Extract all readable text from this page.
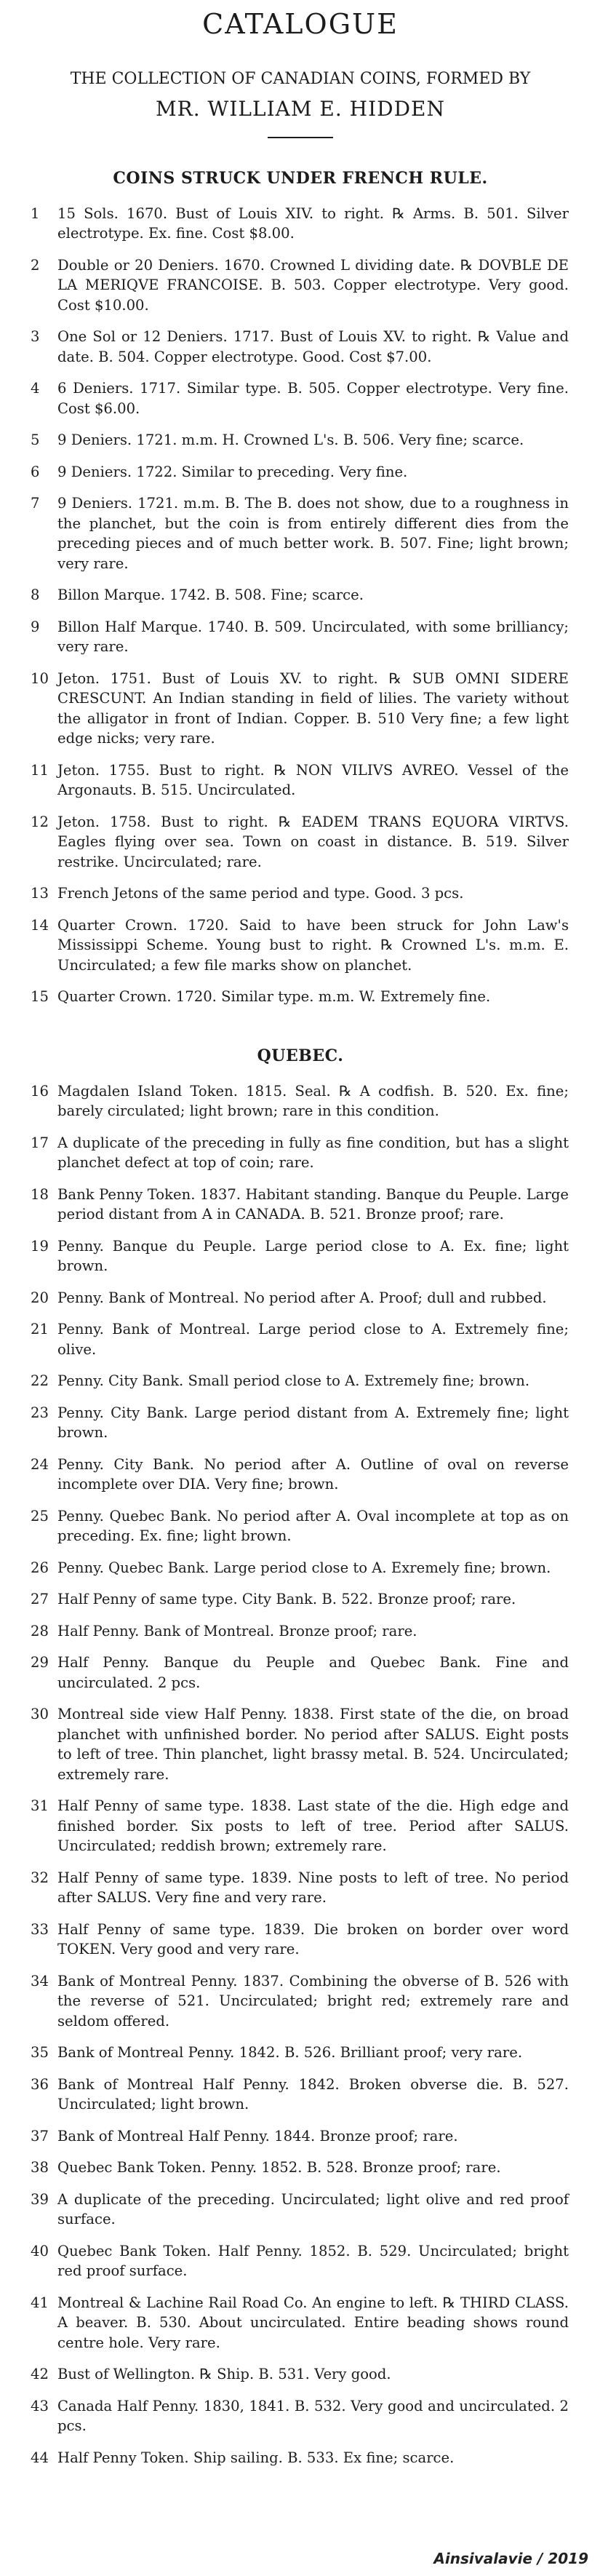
CATALOGUE
THE COLLECTION OF CANADIAN COINS, FORMED BY
MR. WILLIAM E. HIDDEN
COINS STRUCK UNDER FRENCH RULE.
1	15 Sols. 1670. Bust of Louis XIV. to right. ℞ Arms. B. 501. Silver electrotype. Ex. fine. Cost $8.00.
2	Double or 20 Deniers. 1670. Crowned L dividing date. ℞ DOVBLE DE LA MERIQVE FRANCOISE. B. 503. Copper electrotype. Very good. Cost $10.00.
3	One Sol or 12 Deniers. 1717. Bust of Louis XV. to right. ℞ Value and date. B. 504. Copper electrotype. Good. Cost $7.00.
4	6 Deniers. 1717. Similar type. B. 505. Copper electrotype. Very fine. Cost $6.00.
5	9 Deniers. 1721. m.m. H. Crowned L's. B. 506. Very fine; scarce.
6	9 Deniers. 1722. Similar to preceding. Very fine.
7	9 Deniers. 1721. m.m. B. The B. does not show, due to a roughness in the planchet, but the coin is from entirely different dies from the preceding pieces and of much better work. B. 507. Fine; light brown; very rare.
8	Billon Marque. 1742. B. 508. Fine; scarce.
9	Billon Half Marque. 1740. B. 509. Uncirculated, with some brilliancy; very rare.
10 Jeton. 1751. Bust of Louis XV. to right. ℞ SUB OMNI SIDERE CRESCUNT. An Indian standing in field of lilies. The variety without the alligator in front of Indian. Copper. B. 510 Very fine; a few light edge nicks; very rare.
11 Jeton. 1755. Bust to right. ℞ NON VILIVS AVREO. Vessel of the Argonauts. B. 515. Uncirculated.
12 Jeton. 1758. Bust to right. ℞ EADEM TRANS EQUORA VIRTVS. Eagles flying over sea. Town on coast in distance. B. 519. Silver restrike. Uncirculated; rare.
13 French Jetons of the same period and type. Good. 3 pcs.
14 Quarter Crown. 1720. Said to have been struck for John Law's Mississippi Scheme. Young bust to right. ℞ Crowned L's. m.m. E. Uncirculated; a few file marks show on planchet.
15 Quarter Crown. 1720. Similar type. m.m. W. Extremely fine.
QUEBEC.
16 Magdalen Island Token. 1815. Seal. ℞ A codfish. B. 520. Ex. fine; barely circulated; light brown; rare in this condition.
17 A duplicate of the preceding in fully as fine condition, but has a slight planchet defect at top of coin; rare.
18 Bank Penny Token. 1837. Habitant standing. Banque du Peuple. Large period distant from A in CANADA. B. 521. Bronze proof; rare.
19 Penny. Banque du Peuple. Large period close to A. Ex. fine; light brown.
20 Penny. Bank of Montreal. No period after A. Proof; dull and rubbed.
21 Penny. Bank of Montreal. Large period close to A. Extremely fine; olive.
22 Penny. City Bank. Small period close to A. Extremely fine; brown.
23 Penny. City Bank. Large period distant from A. Extremely fine; light brown.
24 Penny. City Bank. No period after A. Outline of oval on reverse incomplete over DIA. Very fine; brown.
25 Penny. Quebec Bank. No period after A. Oval incomplete at top as on preceding. Ex. fine; light brown.
26 Penny. Quebec Bank. Large period close to A. Exremely fine; brown.
27 Half Penny of same type. City Bank. B. 522. Bronze proof; rare.
28 Half Penny. Bank of Montreal. Bronze proof; rare.
29 Half Penny. Banque du Peuple and Quebec Bank. Fine and uncirculated. 2 pcs.
30 Montreal side view Half Penny. 1838. First state of the die, on broad planchet with unfinished border. No period after SALUS. Eight posts to left of tree. Thin planchet, light brassy metal. B. 524. Uncirculated; extremely rare.
31 Half Penny of same type. 1838. Last state of the die. High edge and finished border. Six posts to left of tree. Period after SALUS. Uncirculated; reddish brown; extremely rare.
32 Half Penny of same type. 1839. Nine posts to left of tree. No period after SALUS. Very fine and very rare.
33 Half Penny of same type. 1839. Die broken on border over word TOKEN. Very good and very rare.
34 Bank of Montreal Penny. 1837. Combining the obverse of B. 526 with the reverse of 521. Uncirculated; bright red; extremely rare and seldom offered.
35 Bank of Montreal Penny. 1842. B. 526. Brilliant proof; very rare.
36 Bank of Montreal Half Penny. 1842. Broken obverse die. B. 527. Uncirculated; light brown.
37 Bank of Montreal Half Penny. 1844. Bronze proof; rare.
38 Quebec Bank Token. Penny. 1852. B. 528. Bronze proof; rare.
39 A duplicate of the preceding. Uncirculated; light olive and red proof surface.
40 Quebec Bank Token. Half Penny. 1852. B. 529. Uncirculated; bright red proof surface.
41 Montreal & Lachine Rail Road Co. An engine to left. ℞ THIRD CLASS. A beaver. B. 530. About uncirculated. Entire beading shows round centre hole. Very rare.
42 Bust of Wellington. ℞ Ship. B. 531. Very good.
43 Canada Half Penny. 1830, 1841. B. 532. Very good and uncirculated. 2 pcs.
44 Half Penny Token. Ship sailing. B. 533. Ex fine; scarce.
Ainsivalavie / 2019
